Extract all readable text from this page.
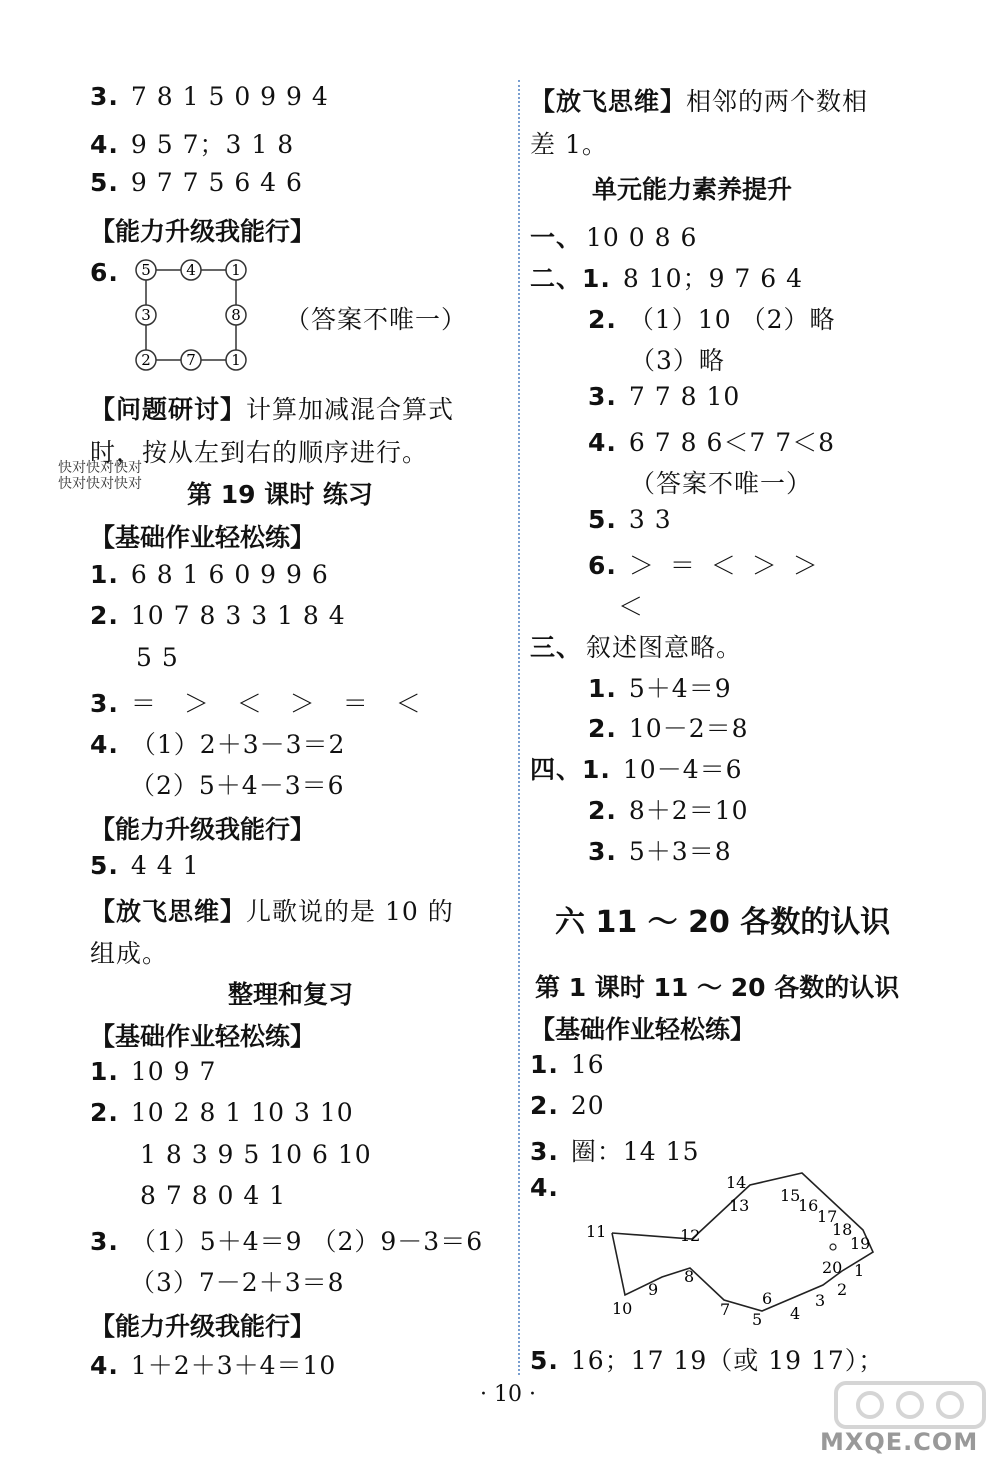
3. 7 8 1 5 0 9 9 4
4. 9 5 7；3 1 8
5. 9 7 7 5 6 4 6
【能力升级我能行】
6.	5 4 1
3	8
2 7 1
（答案不唯一）
【问题研讨】计算加减混合算式
时，按从左到右的顺序进行。
快对快对快对
快对快对快对 第 19 课时 练习
【基础作业轻松练】
1. 6 8 1 6 0 9 9 6
2. 10 7 8 3 3 1 8 4
5 5
3. ＝ ＞ ＜ ＞ ＝ ＜
4. （1）2＋3－3＝2
（2）5＋4－3＝6
【能力升级我能行】
5. 4 4 1
【放飞思维】儿歌说的是 10 的
组成。
整理和复习
【基础作业轻松练】
1. 10 9 7
2. 10 2 8 1 10 3 10
1 8 3 9 5 10 6 10
8 7 8 0 4 1
3. （1）5＋4＝9 （2）9－3＝6
（3）7－2＋3＝8
【能力升级我能行】
4. 1＋2＋3＋4＝10
【放飞思维】相邻的两个数相
差 1。
单元能力素养提升
一、 10 0 8 6
二、1. 8 10；9 7 6 4
2. （1）10 （2）略
（3）略
3. 7 7 8 10
4. 6 7 8 6＜7 7＜8
（答案不唯一）
5. 3 3
6. ＞ ＝ ＜ ＞ ＞
＜
三、 叙述图意略。
1. 5＋4＝9
2. 10－2＝8
四、1. 10－4＝6
2. 8＋2＝10
3. 5＋3＝8
六 11 ～ 20 各数的认识
第 1 课时 11 ～ 20 各数的认识
【基础作业轻松练】
1. 16
2. 20
3. 圈：14 15
4.
1
2
3
4
5
6
7
8
9
10
11	12
13
14
15
16
17
18
19
20
5. 16；17 19（或 19 17）；
· 10 ·
MXQE.COM
